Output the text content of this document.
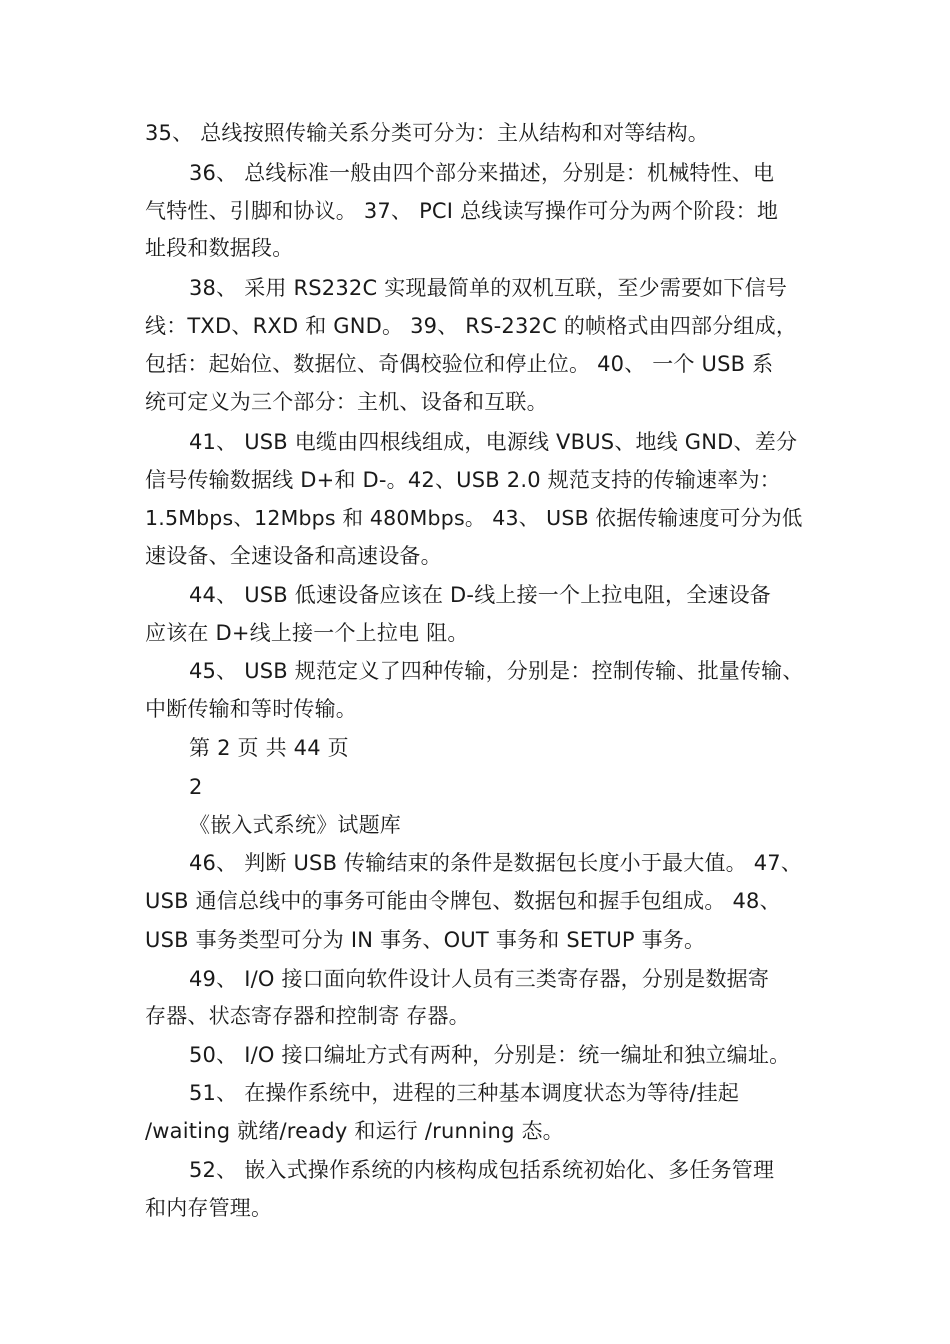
35、 总线按照传输关系分类可分为：主从结构和对等结构。
36、 总线标准一般由四个部分来描述，分别是：机械特性、电
气特性、引脚和协议。 37、 PCI 总线读写操作可分为两个阶段：地
址段和数据段。
38、 采用 RS232C 实现最简单的双机互联，至少需要如下信号
线：TXD、RXD 和 GND。 39、 RS-232C 的帧格式由四部分组成，
包括：起始位、数据位、奇偶校验位和停止位。 40、 一个 USB 系
统可定义为三个部分：主机、设备和互联。
41、 USB 电缆由四根线组成，电源线 VBUS、地线 GND、差分
信号传输数据线 D+和 D-。42、USB 2.0 规范支持的传输速率为：
1.5Mbps、12Mbps 和 480Mbps。 43、 USB 依据传输速度可分为低
速设备、全速设备和高速设备。
44、 USB 低速设备应该在 D-线上接一个上拉电阻，全速设备
应该在 D+线上接一个上拉电 阻。
45、 USB 规范定义了四种传输，分别是：控制传输、批量传输、
中断传输和等时传输。
第 2 页 共 44 页
2
《嵌入式系统》试题库
46、 判断 USB 传输结束的条件是数据包长度小于最大值。 47、
USB 通信总线中的事务可能由令牌包、数据包和握手包组成。 48、
USB 事务类型可分为 IN 事务、OUT 事务和 SETUP 事务。
49、 I/O 接口面向软件设计人员有三类寄存器，分别是数据寄
存器、状态寄存器和控制寄 存器。
50、 I/O 接口编址方式有两种，分别是：统一编址和独立编址。
51、 在操作系统中，进程的三种基本调度状态为等待/挂起
/waiting 就绪/ready 和运行 /running 态。
52、 嵌入式操作系统的内核构成包括系统初始化、多任务管理
和内存管理。
